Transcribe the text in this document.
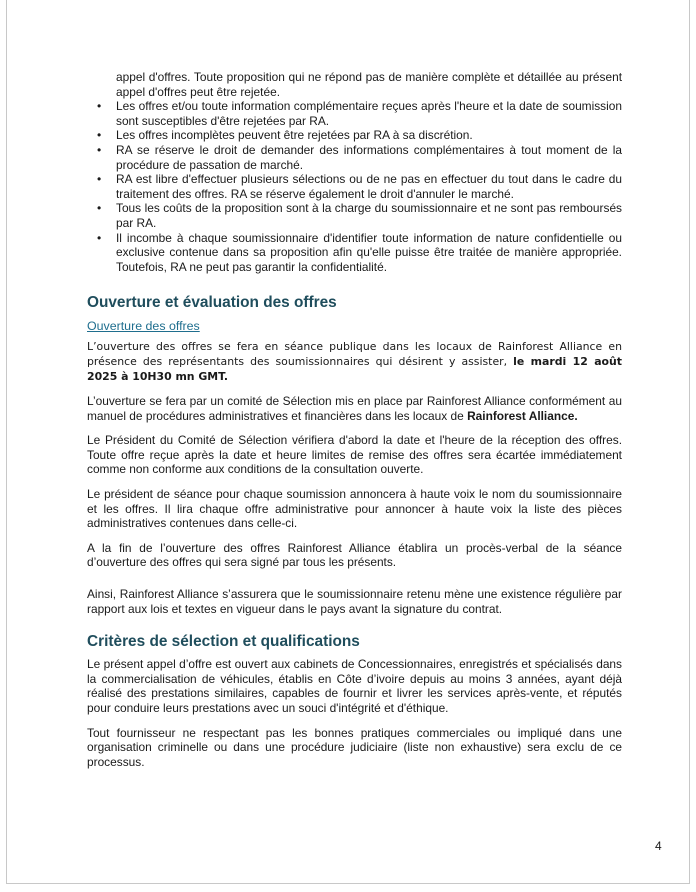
appel d'offres. Toute proposition qui ne répond pas de manière complète et détaillée au présent appel d'offres peut être rejetée.
• Les offres et/ou toute information complémentaire reçues après l'heure et la date de soumission sont susceptibles d'être rejetées par RA.
• Les offres incomplètes peuvent être rejetées par RA à sa discrétion.
• RA se réserve le droit de demander des informations complémentaires à tout moment de la procédure de passation de marché.
• RA est libre d'effectuer plusieurs sélections ou de ne pas en effectuer du tout dans le cadre du traitement des offres. RA se réserve également le droit d'annuler le marché.
• Tous les coûts de la proposition sont à la charge du soumissionnaire et ne sont pas remboursés par RA.
• Il incombe à chaque soumissionnaire d'identifier toute information de nature confidentielle ou exclusive contenue dans sa proposition afin qu'elle puisse être traitée de manière appropriée. Toutefois, RA ne peut pas garantir la confidentialité.
Ouverture et évaluation des offres
Ouverture des offres

L’ouverture des offres se fera en séance publique dans les locaux de Rainforest Alliance en présence des représentants des soumissionnaires qui désirent y assister, le mardi 12 août 2025 à 10H30 mn GMT.

L’ouverture se fera par un comité de Sélection mis en place par Rainforest Alliance conformément au manuel de procédures administratives et financières dans les locaux de Rainforest Alliance.

Le Président du Comité de Sélection vérifiera d'abord la date et l'heure de la réception des offres. Toute offre reçue après la date et heure limites de remise des offres sera écartée immédiatement comme non conforme aux conditions de la consultation ouverte.

Le président de séance pour chaque soumission annoncera à haute voix le nom du soumissionnaire et les offres. Il lira chaque offre administrative pour annoncer à haute voix la liste des pièces administratives contenues dans celle-ci.

A la fin de l’ouverture des offres Rainforest Alliance établira un procès-verbal de la séance d’ouverture des offres qui sera signé par tous les présents.

Ainsi, Rainforest Alliance s’assurera que le soumissionnaire retenu mène une existence régulière par rapport aux lois et textes en vigueur dans le pays avant la signature du contrat.

Critères de sélection et qualifications

Le présent appel d’offre est ouvert aux cabinets de Concessionnaires, enregistrés et spécialisés dans la commercialisation de véhicules, établis en Côte d’ivoire depuis au moins 3 années, ayant déjà réalisé des prestations similaires, capables de fournir et livrer les services après-vente, et réputés pour conduire leurs prestations avec un souci d'intégrité et d'éthique.

Tout fournisseur ne respectant pas les bonnes pratiques commerciales ou impliqué dans une organisation criminelle ou dans une procédure judiciaire (liste non exhaustive) sera exclu de ce processus.

4
